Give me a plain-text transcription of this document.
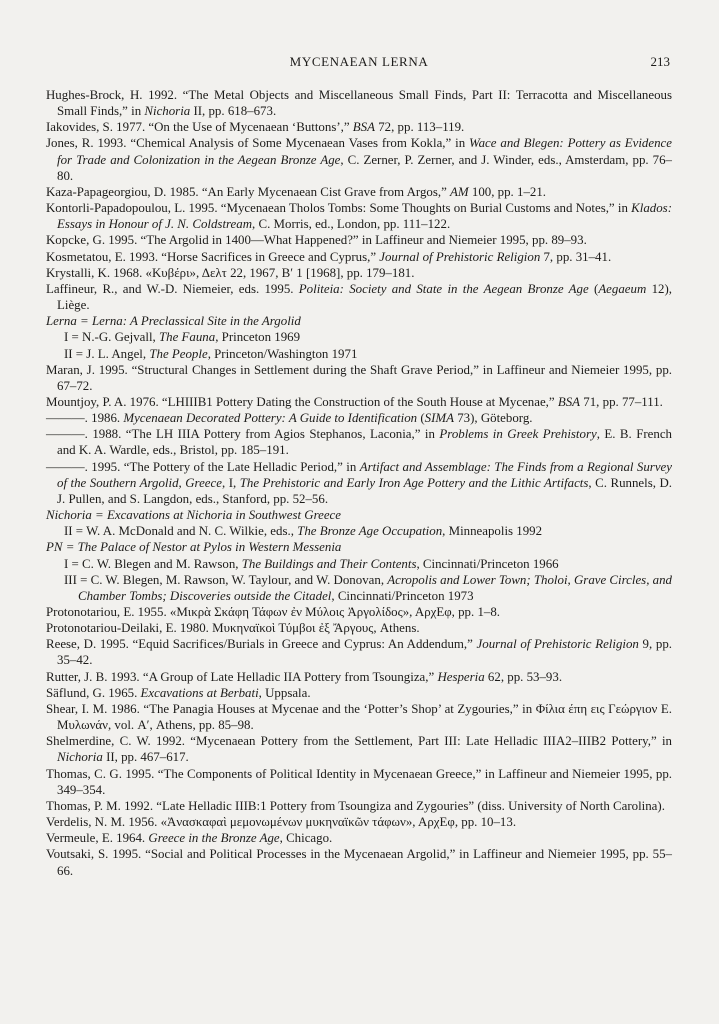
MYCENAEAN LERNA	213

Hughes-Brock, H. 1992. “The Metal Objects and Miscellaneous Small Finds, Part II: Terracotta and Miscellaneous Small Finds,” in Nichoria II, pp. 618–673.

Iakovides, S. 1977. “On the Use of Mycenaean ‘Buttons’,” BSA 72, pp. 113–119.

Jones, R. 1993. “Chemical Analysis of Some Mycenaean Vases from Kokla,” in Wace and Blegen: Pottery as Evidence for Trade and Colonization in the Aegean Bronze Age, C. Zerner, P. Zerner, and J. Winder, eds., Amsterdam, pp. 76–80.

Kaza-Papageorgiou, D. 1985. “An Early Mycenaean Cist Grave from Argos,” AM 100, pp. 1–21.

Kontorli-Papadopoulou, L. 1995. “Mycenaean Tholos Tombs: Some Thoughts on Burial Customs and Notes,” in Klados: Essays in Honour of J. N. Coldstream, C. Morris, ed., London, pp. 111–122.

Kopcke, G. 1995. “The Argolid in 1400—What Happened?” in Laffineur and Niemeier 1995, pp. 89–93.

Kosmetatou, E. 1993. “Horse Sacrifices in Greece and Cyprus,” Journal of Prehistoric Religion 7, pp. 31–41.

Krystalli, K. 1968. «Κυβέρι», Δελτ 22, 1967, Β′ 1 [1968], pp. 179–181.

Laffineur, R., and W.-D. Niemeier, eds. 1995. Politeia: Society and State in the Aegean Bronze Age (Aegaeum 12), Liège.

Lerna = Lerna: A Preclassical Site in the Argolid

I = N.-G. Gejvall, The Fauna, Princeton 1969

II = J. L. Angel, The People, Princeton/Washington 1971

Maran, J. 1995. “Structural Changes in Settlement during the Shaft Grave Period,” in Laffineur and Niemeier 1995, pp. 67–72.

Mountjoy, P. A. 1976. “LHIIIB1 Pottery Dating the Construction of the South House at Mycenae,” BSA 71, pp. 77–111.

———. 1986. Mycenaean Decorated Pottery: A Guide to Identification (SIMA 73), Göteborg.

———. 1988. “The LH IIIA Pottery from Agios Stephanos, Laconia,” in Problems in Greek Prehistory, E. B. French and K. A. Wardle, eds., Bristol, pp. 185–191.

———. 1995. “The Pottery of the Late Helladic Period,” in Artifact and Assemblage: The Finds from a Regional Survey of the Southern Argolid, Greece, I, The Prehistoric and Early Iron Age Pottery and the Lithic Artifacts, C. Runnels, D. J. Pullen, and S. Langdon, eds., Stanford, pp. 52–56.

Nichoria = Excavations at Nichoria in Southwest Greece

II = W. A. McDonald and N. C. Wilkie, eds., The Bronze Age Occupation, Minneapolis 1992

PN = The Palace of Nestor at Pylos in Western Messenia

I = C. W. Blegen and M. Rawson, The Buildings and Their Contents, Cincinnati/Princeton 1966

III = C. W. Blegen, M. Rawson, W. Taylour, and W. Donovan, Acropolis and Lower Town; Tholoi, Grave Circles, and Chamber Tombs; Discoveries outside the Citadel, Cincinnati/Princeton 1973

Protonotariou, E. 1955. «Μικρὰ Σκάφη Τάφων ἐν Μύλοις Ἀργολίδος», ΑρχΕφ, pp. 1–8.

Protonotariou-Deilaki, E. 1980. Μυκηναϊκοὶ Τύμβοι ἐξ Ἄργους, Athens.

Reese, D. 1995. “Equid Sacrifices/Burials in Greece and Cyprus: An Addendum,” Journal of Prehistoric Religion 9, pp. 35–42.

Rutter, J. B. 1993. “A Group of Late Helladic IIA Pottery from Tsoungiza,” Hesperia 62, pp. 53–93.

Säflund, G. 1965. Excavations at Berbati, Uppsala.

Shear, I. M. 1986. “The Panagia Houses at Mycenae and the ‘Potter’s Shop’ at Zygouries,” in Φίλια έπη εις Γεώργιον Ε. Μυλωνάν, vol. Α′, Athens, pp. 85–98.

Shelmerdine, C. W. 1992. “Mycenaean Pottery from the Settlement, Part III: Late Helladic IIIA2–IIIB2 Pottery,” in Nichoria II, pp. 467–617.

Thomas, C. G. 1995. “The Components of Political Identity in Mycenaean Greece,” in Laffineur and Niemeier 1995, pp. 349–354.

Thomas, P. M. 1992. “Late Helladic IIIB:1 Pottery from Tsoungiza and Zygouries” (diss. University of North Carolina).

Verdelis, N. M. 1956. «Ἀνασκαφαὶ μεμονωμένων μυκηναϊκῶν τάφων», ΑρχΕφ, pp. 10–13.

Vermeule, E. 1964. Greece in the Bronze Age, Chicago.

Voutsaki, S. 1995. “Social and Political Processes in the Mycenaean Argolid,” in Laffineur and Niemeier 1995, pp. 55–66.
